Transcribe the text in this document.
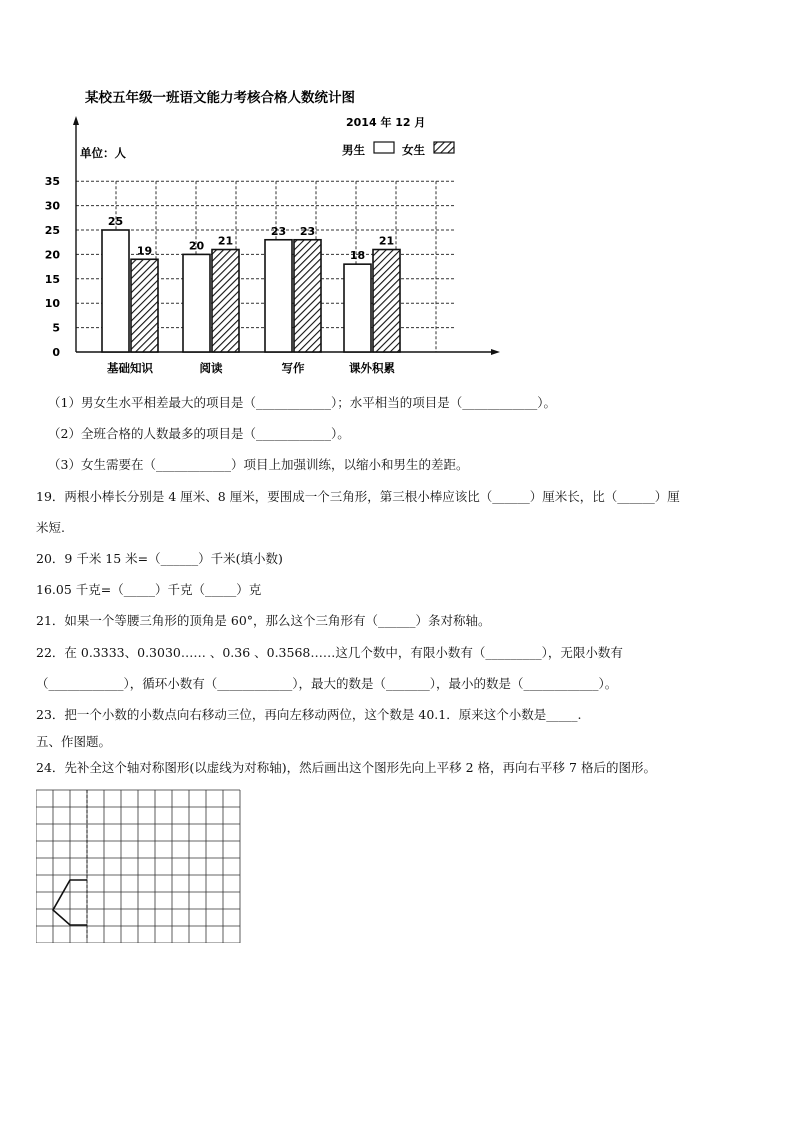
某校五年级一班语文能力考核合格人数统计图
2014 年 12 月
单位：人	男生	女生
0
5
10
15
20
25
30
35
25
19	20 21
23 23
18
21
基础知识	阅读	写作	课外积累
（1）男女生水平相差最大的项目是（____________）；水平相当的项目是（____________）。
（2）全班合格的人数最多的项目是（____________）。
（3）女生需要在（____________）项目上加强训练，以缩小和男生的差距。
19．两根小棒长分别是 4 厘米、8 厘米，要围成一个三角形，第三根小棒应该比（______）厘米长，比（______）厘
米短.
20．9 千米 15 米=（______）千米(填小数)
16.05 千克=（_____）千克（_____）克
21．如果一个等腰三角形的顶角是 60°，那么这个三角形有（______）条对称轴。
22．在 0.3333、0.3030…… 、0.36 、0.3568……这几个数中，有限小数有（_________），无限小数有
（____________），循环小数有（____________），最大的数是（_______），最小的数是（____________）。
23．把一个小数的小数点向右移动三位，再向左移动两位，这个数是 40.1．原来这个小数是_____.
五、作图题。
24．先补全这个轴对称图形(以虚线为对称轴)，然后画出这个图形先向上平移 2 格，再向右平移 7 格后的图形。
